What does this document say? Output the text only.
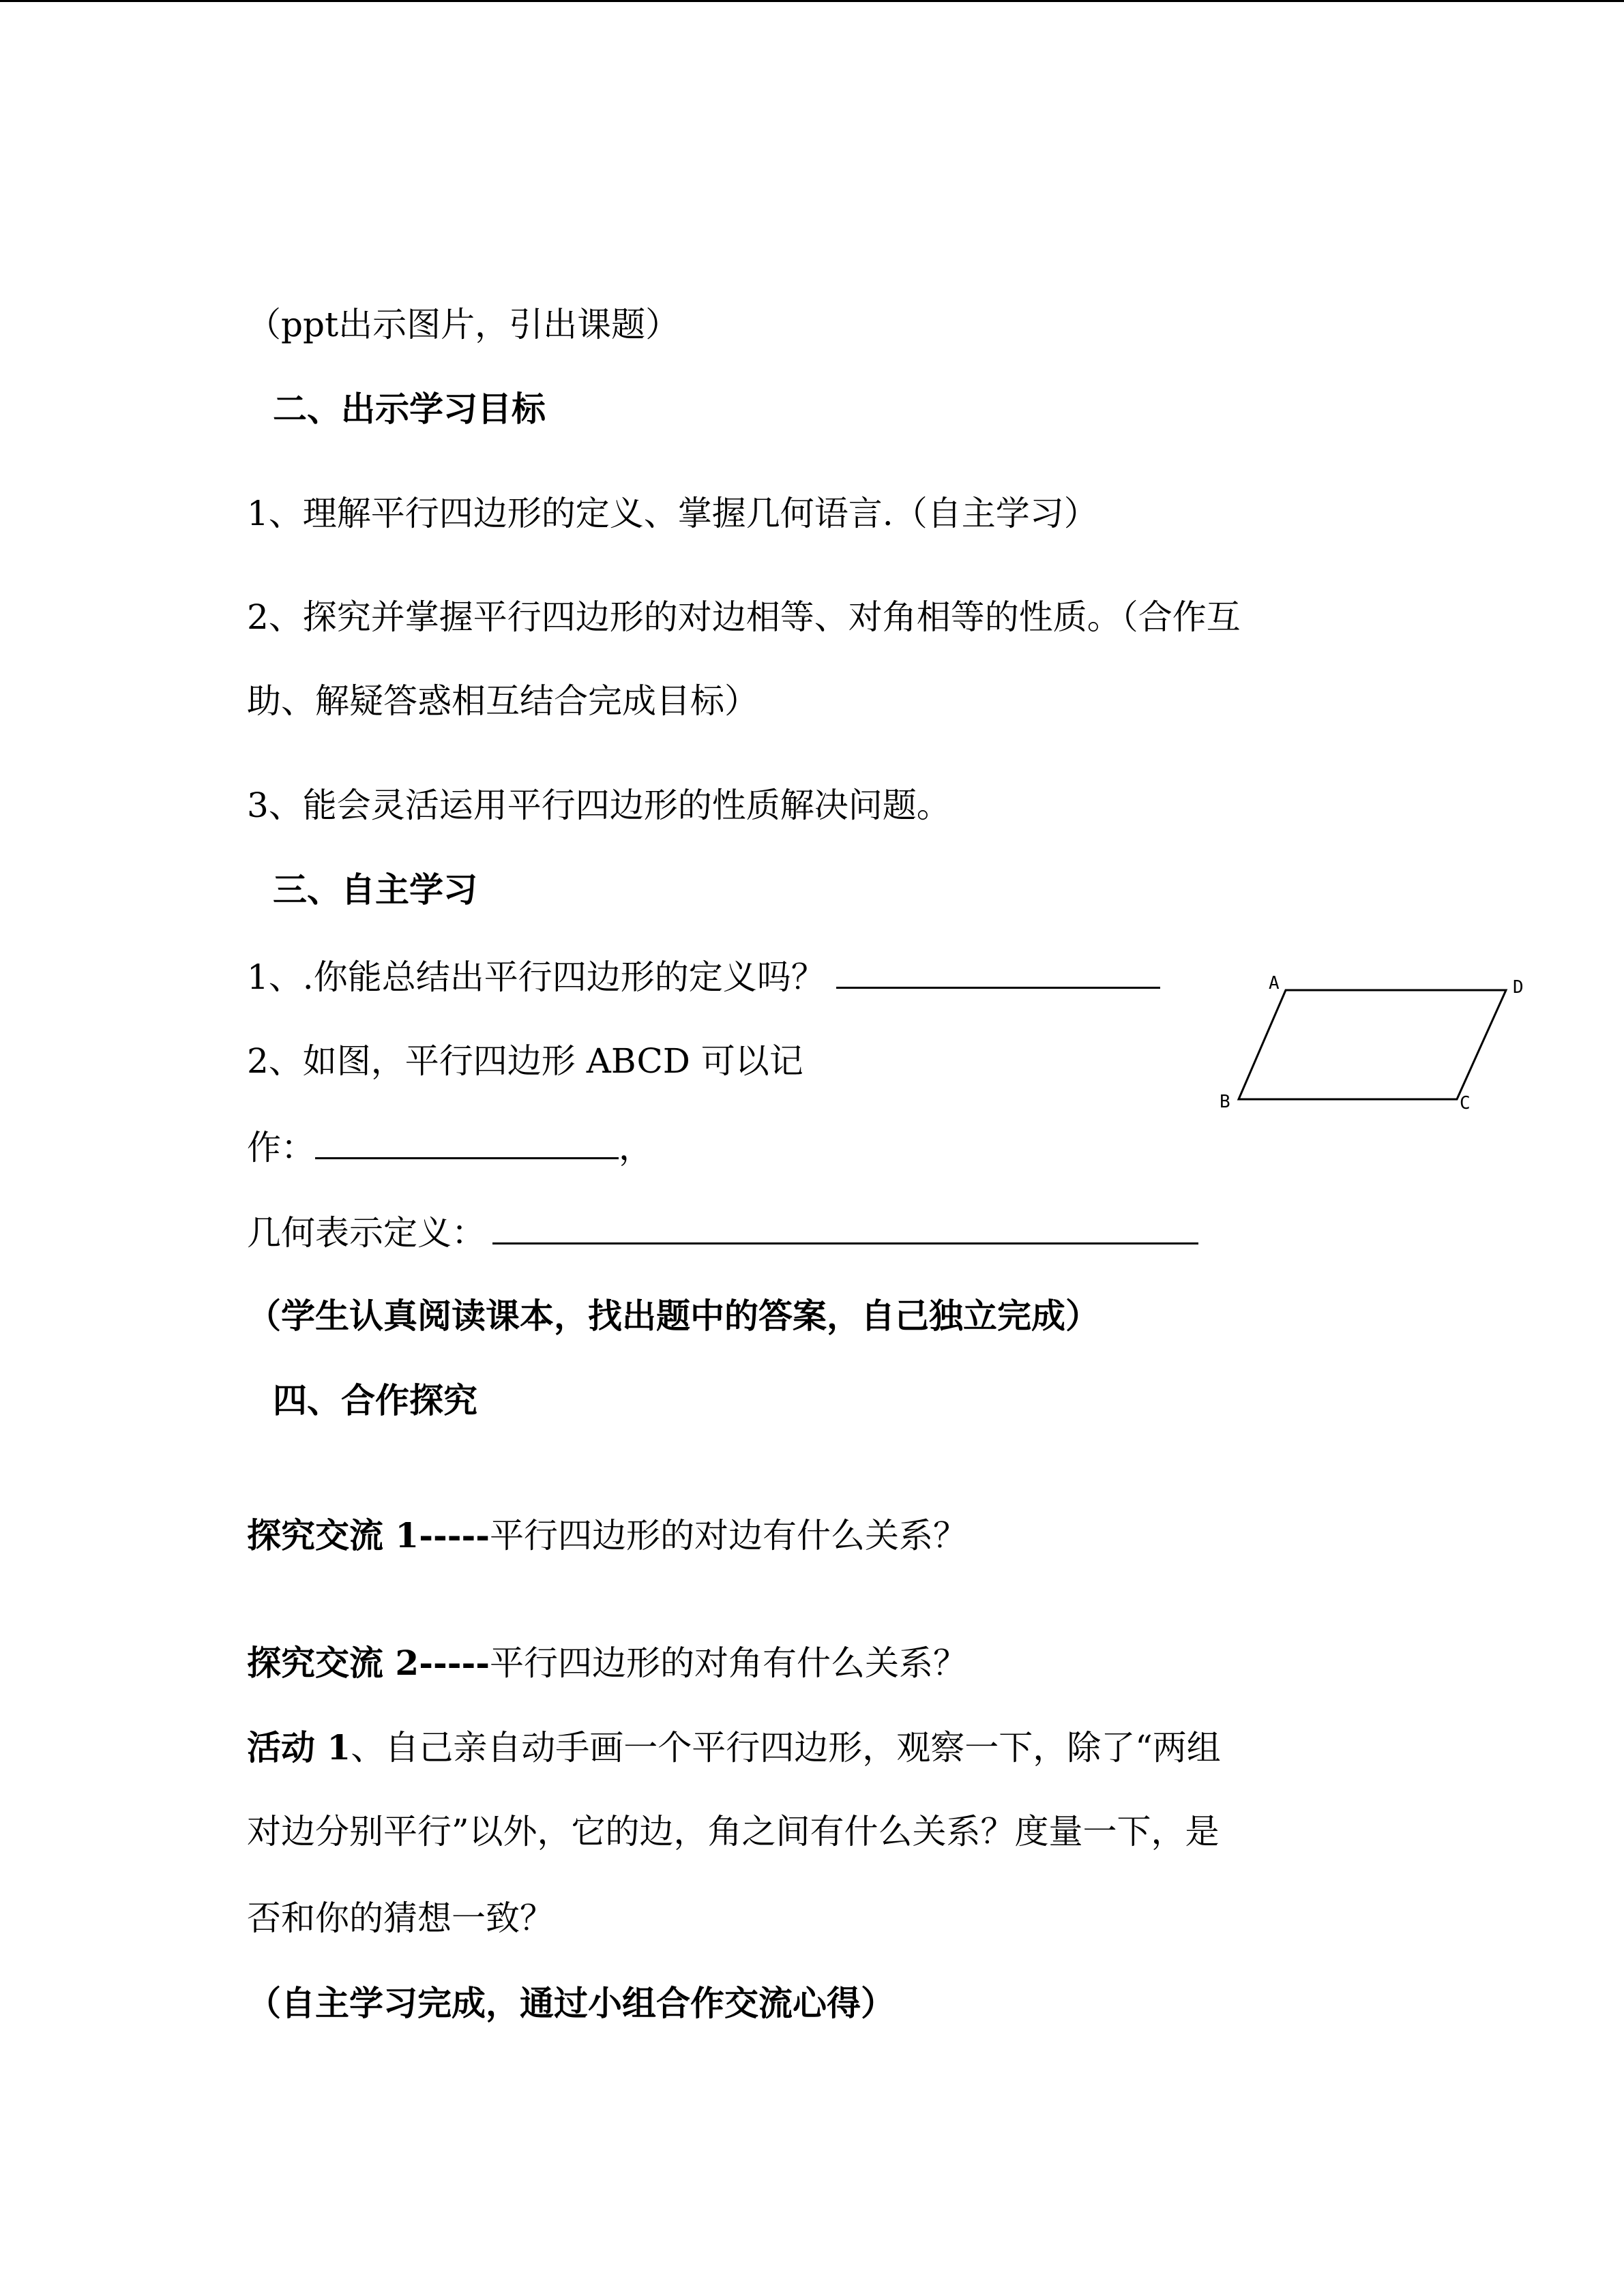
（ppt出示图片，引出课题）
二、出示学习目标
1、理解平行四边形的定义、掌握几何语言.（自主学习）
2、探究并掌握平行四边形的对边相等、对角相等的性质。（合作互
助、解疑答惑相互结合完成目标）
3、能会灵活运用平行四边形的性质解决问题。
三、自主学习
1、.你能总结出平行四边形的定义吗？
2、如图，平行四边形 ABCD 可以记
作：	，
几何表示定义：
（学生认真阅读课本，找出题中的答案，自己独立完成）
A	D
B	C
四、合作探究
探究交流 1-----平行四边形的对边有什么关系？
探究交流 2-----平行四边形的对角有什么关系？
活动 1、自己亲自动手画一个平行四边形，观察一下，除了“两组
对边分别平行”以外，它的边，角之间有什么关系？度量一下，是
否和你的猜想一致？
（自主学习完成，通过小组合作交流心得）
